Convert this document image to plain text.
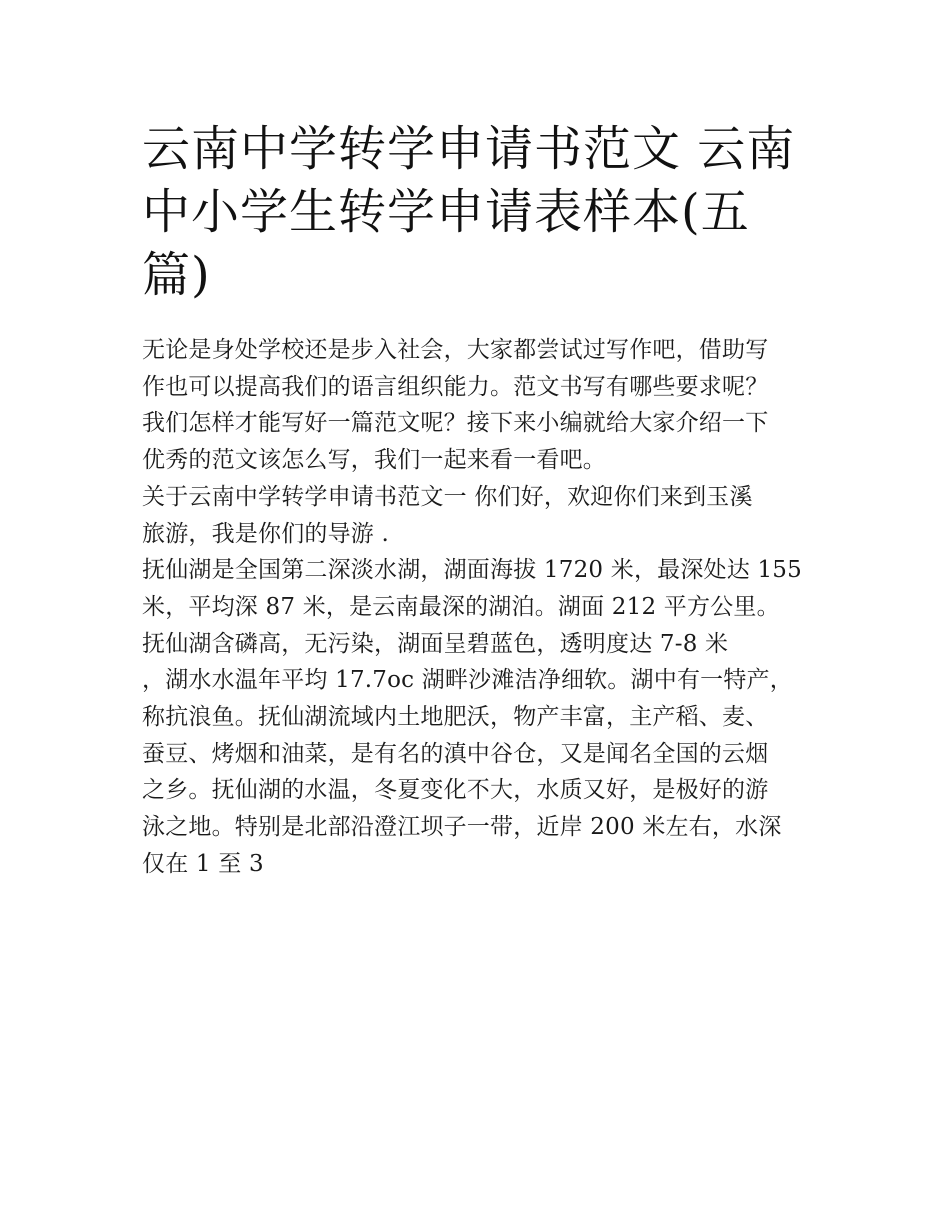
云南中学转学申请书范文 云南
中小学生转学申请表样本(五
篇)
无论是身处学校还是步入社会，大家都尝试过写作吧，借助写
作也可以提高我们的语言组织能力。范文书写有哪些要求呢？
我们怎样才能写好一篇范文呢？接下来小编就给大家介绍一下
优秀的范文该怎么写，我们一起来看一看吧。
关于云南中学转学申请书范文一 你们好，欢迎你们来到玉溪
旅游，我是你们的导游 .
抚仙湖是全国第二深淡水湖，湖面海拔 1720 米，最深处达 155
米，平均深 87 米，是云南最深的湖泊。湖面 212 平方公里。
抚仙湖含磷高，无污染，湖面呈碧蓝色，透明度达 7-8 米
，湖水水温年平均 17.7oc 湖畔沙滩洁净细软。湖中有一特产，
称抗浪鱼。抚仙湖流域内土地肥沃，物产丰富，主产稻、麦、
蚕豆、烤烟和油菜，是有名的滇中谷仓，又是闻名全国的云烟
之乡。抚仙湖的水温，冬夏变化不大，水质又好，是极好的游
泳之地。特别是北部沿澄江坝子一带，近岸 200 米左右，水深
仅在 1 至 3
